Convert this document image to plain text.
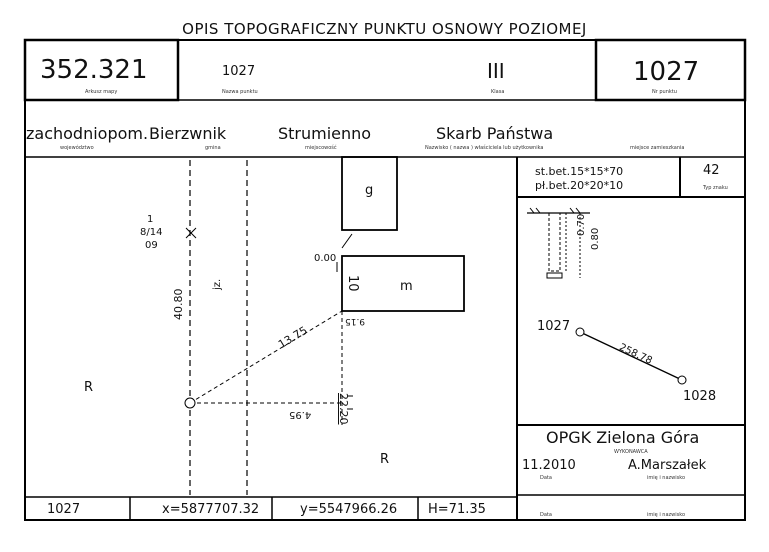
OPIS TOPOGRAFICZNY PUNKTU OSNOWY POZIOMEJ
352.321
Arkusz mapy
1027
Nazwa punktu
III
Klasa
1027
Nr punktu
zachodniopom. Bierzwnik	Strumienno	Skarb Państwa
województwo	gmina	miejscowość	Nazwisko ( nazwa ) właściciela lub użytkownika	miejsce zamieszkania
st.bet.15*15*70
pł.bet.20*20*10
42
Typ znaku
0.70
0.80
1027
1028
258.78
g
m
10
0.00
1
8/14
09
jz.
40.80
13.75
4.95 22.20
9.15
R
R
OPGK Zielona Góra
WYKONAWCA
11.2010	A.Marszałek
Data	imię i nazwisko
Data	imię i nazwisko
1027	x=5877707.32	y=5547966.26 H=71.35
